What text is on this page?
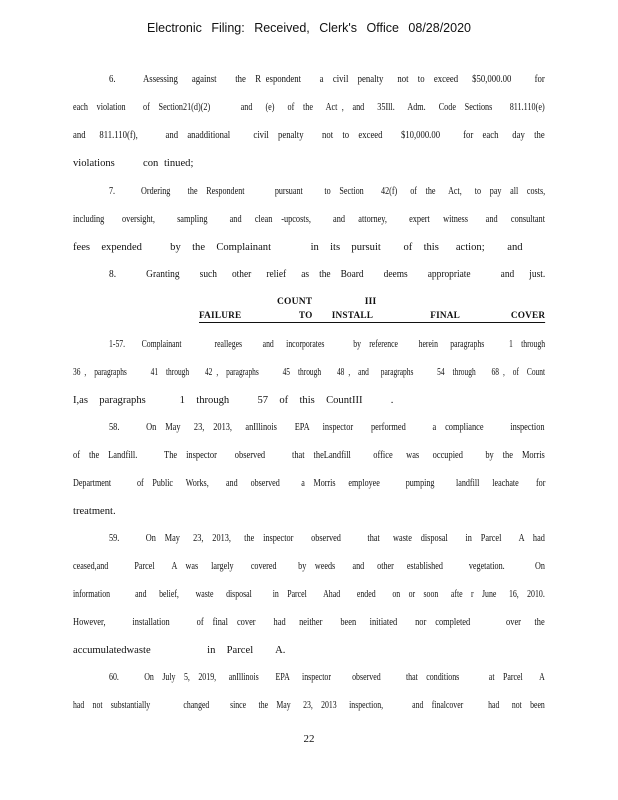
Electronic Filing: Received, Clerk's Office 08/28/2020
6.      Assessing   against    the  R espondent    a  civil  penalty   not  to  exceed   $50,000.00     for
each  violation    of  Section21(d)(2)       and   (e)   of  the   Act ,  and   35Ill.   Adm.   Code  Sections    811.110(e)
and   811.110(f),      and  anadditional     civil  penalty    not  to  exceed    $10,000.00     for  each   day  the
violations     con tinued;
7.      Ordering    the  Respondent       pursuant     to  Section    42(f)   of  the   Act,   to  pay  all  costs,
including    oversight,     sampling     and   clean  -upcosts,     and   attorney,     expert   witness    and   consultant
fees  expended     by  the  Complainant       in  its  pursuit    of  this   action;    and
8.      Granting    such   other   relief   as  the  Board    deems    appropriate      and   just.
COUNT        III
FAILURE         TO   INSTALL         FINAL        COVER
1-57.    Complainant        realleges     and   incorporates       by  reference     herein   paragraphs      1  through
36 ,  paragraphs      41  through    42 ,  paragraphs      45  through    48 ,  and   paragraphs      54  through    68 ,  of  Count
I,as  paragraphs      1  through     57  of  this  CountIII     .
58.      On  May   23,  2013,   anIllinois    EPA   inspector    performed      a  compliance      inspection
of  the  Landfill.      The  inspector    observed      that  theLandfill     office   was   occupied     by  the  Morris
Department      of  Public   Works,    and   observed     a  Morris   employee      pumping     landfill   leachate    for
treatment.
59.      On  May   23,  2013,   the  inspector    observed      that   waste  disposal    in  Parcel    A  had
ceased,and      Parcel    A  was   largely    covered     by  weeds    and   other   established      vegetation.       On
information      and   belief,    waste   disposal     in  Parcel    Ahad    ended    on  or  soon   afte  r  June   16,  2010.
However,      installation      of  final  cover    had   neither    been   initiated    nor  completed        over   the
accumulatedwaste          in  Parcel    A.
60.      On  July  5,  2019,   anIllinois    EPA   inspector     observed      that  conditions       at  Parcel    A
had  not  substantially        changed     since   the  May   23,  2013   inspection,       and  finalcover      had   not  been
22
